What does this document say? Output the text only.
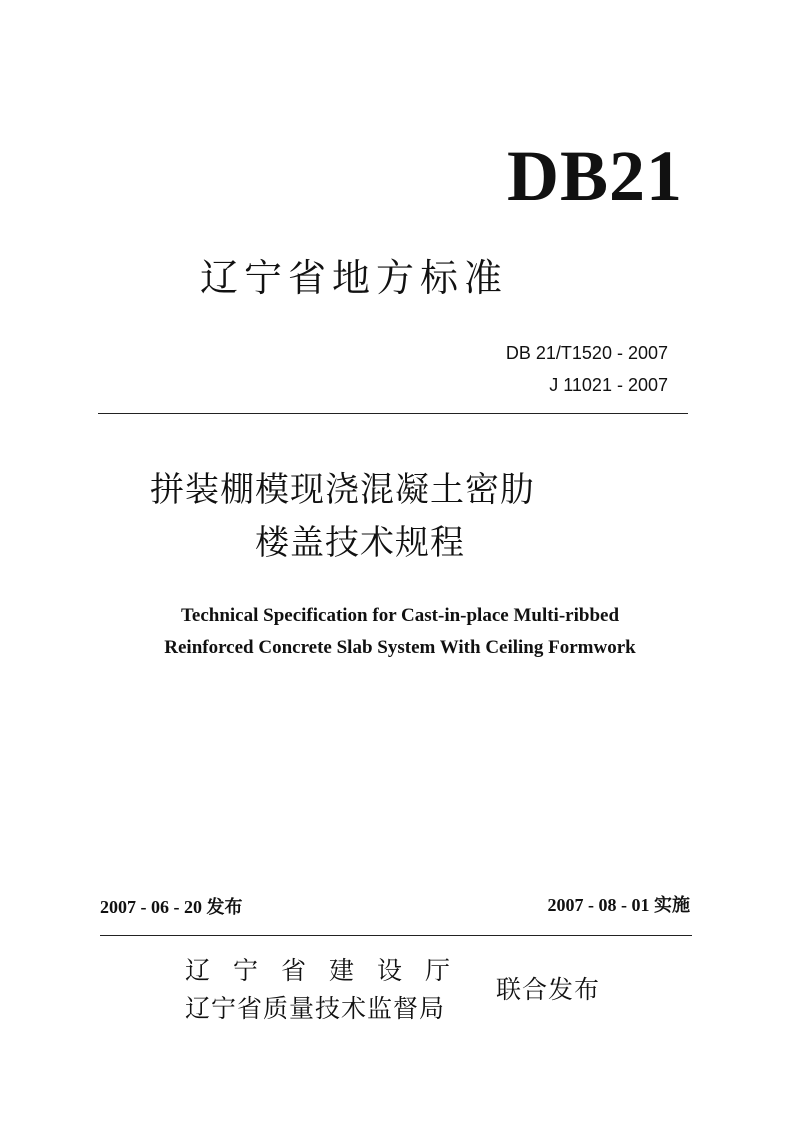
DB21
辽宁省地方标准
DB 21/T1520 - 2007
J 11021 - 2007
拼装棚模现浇混凝土密肋
楼盖技术规程
Technical Specification for Cast-in-place Multi-ribbed
Reinforced Concrete Slab System With Ceiling Formwork
2007 - 06 - 20 发布	2007 - 08 - 01 实施
辽宁省建设厅
辽宁省质量技术监督局
联合发布
